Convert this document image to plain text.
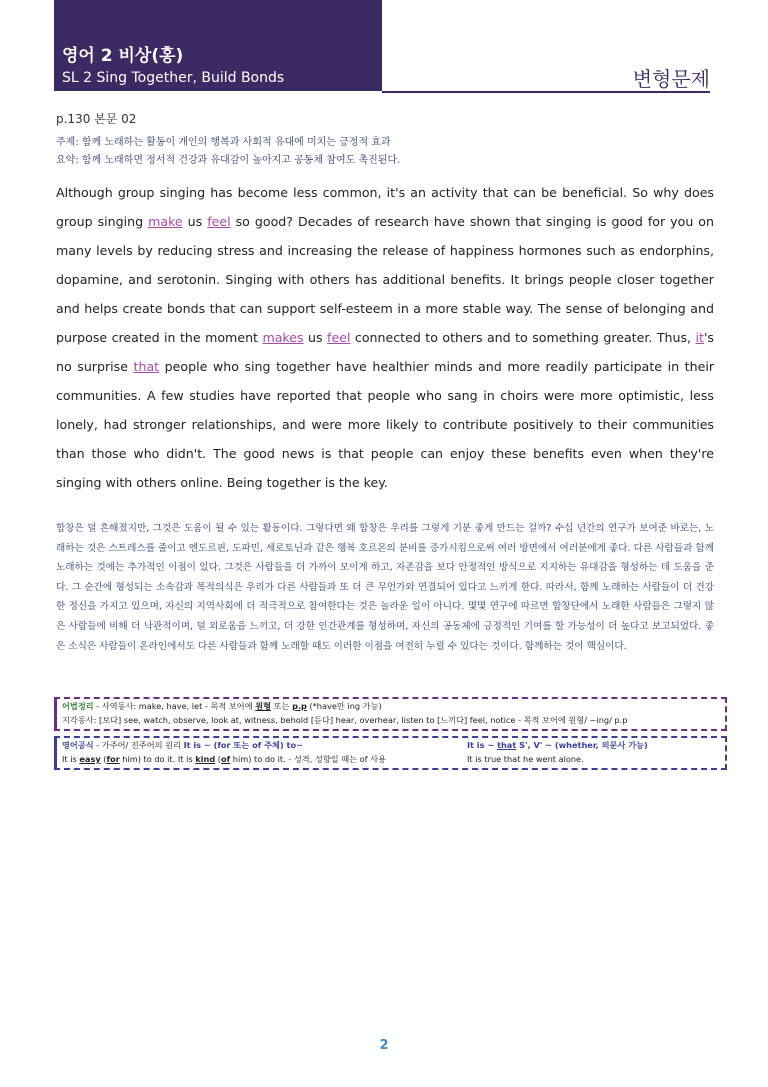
영어 2 비상(홍)
SL 2 Sing Together, Build Bonds	변형문제
p.130 본문 02
주제: 함께 노래하는 활동이 개인의 행복과 사회적 유대에 미치는 긍정적 효과
요약: 함께 노래하면 정서적 건강과 유대감이 높아지고 공동체 참여도 촉진된다.
Although group singing has become less common, it's an activity that can be beneficial. So why does group singing make us feel so good? Decades of research have shown that singing is good for you on many levels by reducing stress and increasing the release of happiness hormones such as endorphins, dopamine, and serotonin. Singing with others has additional benefits. It brings people closer together and helps create bonds that can support self-esteem in a more stable way. The sense of belonging and purpose created in the moment makes us feel connected to others and to something greater. Thus, it's no surprise that people who sing together have healthier minds and more readily participate in their communities. A few studies have reported that people who sang in choirs were more optimistic, less lonely, had stronger relationships, and were more likely to contribute positively to their communities than those who didn't. The good news is that people can enjoy these benefits even when they're singing with others online. Being together is the key.
합창은 덜 흔해졌지만, 그것은 도움이 될 수 있는 활동이다. 그렇다면 왜 합창은 우리를 그렇게 기분 좋게 만드는 걸까? 수십 년간의 연구가 보여준 바로는, 노래하는 것은 스트레스를 줄이고 엔도르핀, 도파민, 세로토닌과 같은 행복 호르몬의 분비를 증가시킴으로써 여러 방면에서 여러분에게 좋다. 다른 사람들과 함께 노래하는 것에는 추가적인 이점이 있다. 그것은 사람들을 더 가까이 모이게 하고, 자존감을 보다 안정적인 방식으로 지지하는 유대감을 형성하는 데 도움을 준다. 그 순간에 형성되는 소속감과 목적의식은 우리가 다른 사람들과 또 더 큰 무언가와 연결되어 있다고 느끼게 한다. 따라서, 함께 노래하는 사람들이 더 건강한 정신을 가지고 있으며, 자신의 지역사회에 더 적극적으로 참여한다는 것은 놀라운 일이 아니다. 몇몇 연구에 따르면 합창단에서 노래한 사람들은 그렇지 않은 사람들에 비해 더 낙관적이며, 덜 외로움을 느끼고, 더 강한 인간관계를 형성하며, 자신의 공동체에 긍정적인 기여를 할 가능성이 더 높다고 보고되었다. 좋은 소식은 사람들이 온라인에서도 다른 사람들과 함께 노래할 때도 이러한 이점을 여전히 누릴 수 있다는 것이다. 함께하는 것이 핵심이다.
어법정리 - 사역동사: make, have, let - 목적 보어에 원형 또는 p.p (*have만 ing 가능)
지각동사: [보다] see, watch, observe, look at, witness, behold [듣다] hear, overhear, listen to [느끼다] feel, notice - 목적 보어에 원형/ ~ing/ p.p
영어공식 - 가주어/ 진주어의 원리 It is ~ (for 또는 of 주체) to~
It is easy (for him) to do it. It is kind (of him) to do it. - 성격, 성향일 때는 of 사용
It is ~ that S', V' ~ (whether, 의문사 가능)
It is true that he went alone.
2
